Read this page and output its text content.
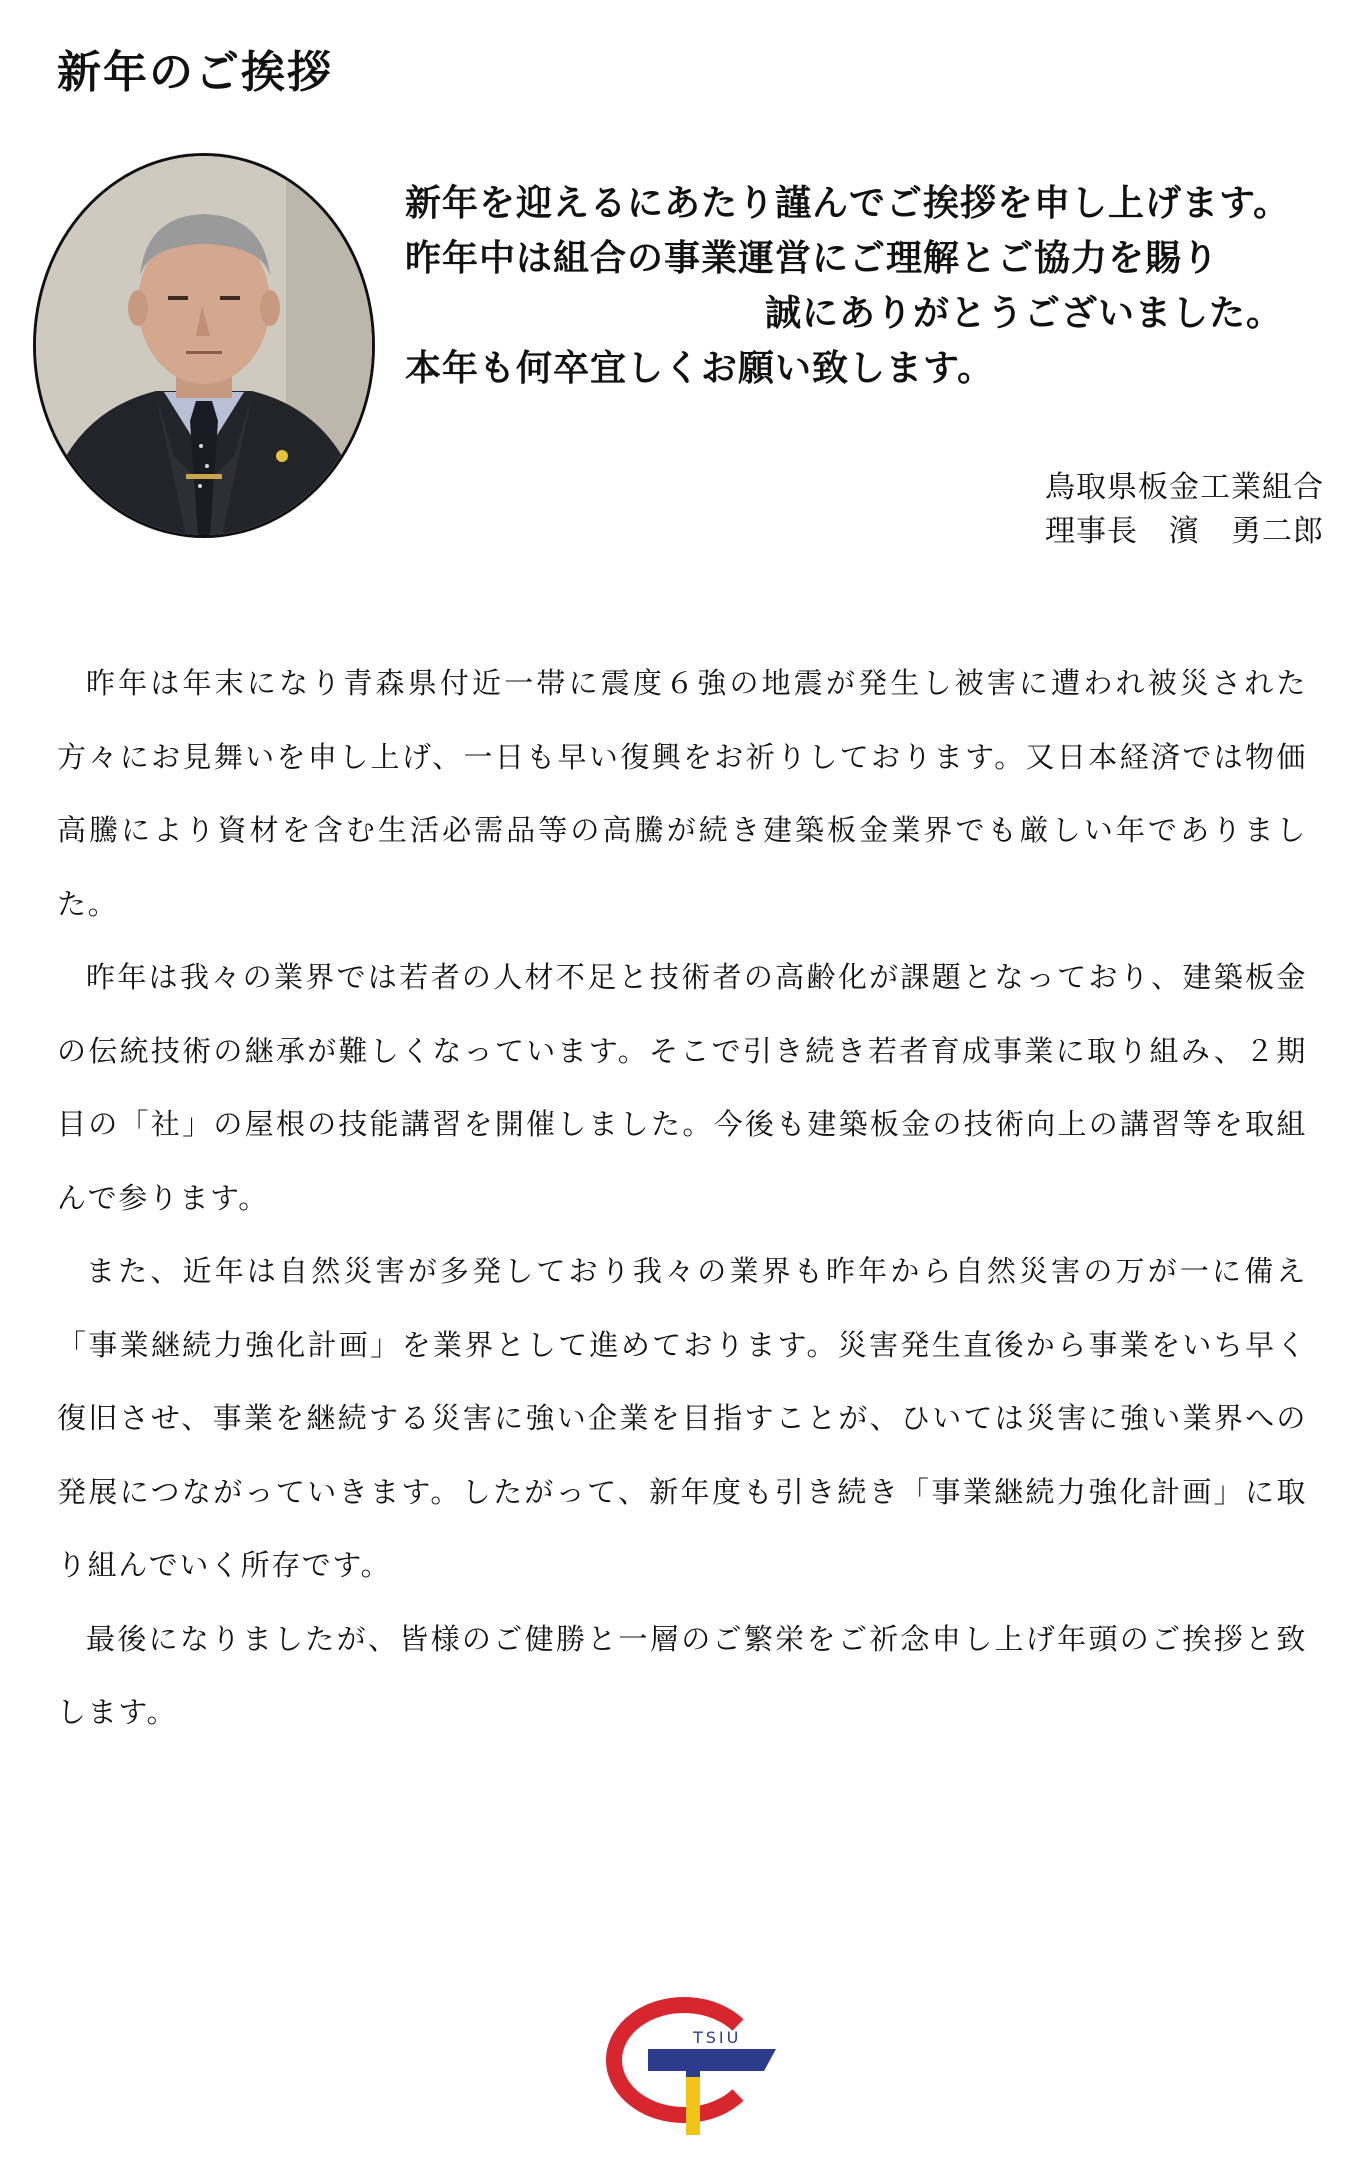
新年のご挨拶
新年を迎えるにあたり謹んでご挨拶を申し上げます。
昨年中は組合の事業運営にご理解とご協力を賜り
誠にありがとうございました。
本年も何卒宜しくお願い致します。
鳥取県板金工業組合
理事長　濱　勇二郎

昨年は年末になり青森県付近一帯に震度６強の地震が発生し被害に遭われ被災された方々にお見舞いを申し上げ、一日も早い復興をお祈りしております。又日本経済では物価高騰により資材を含む生活必需品等の高騰が続き建築板金業界でも厳しい年でありました。

昨年は我々の業界では若者の人材不足と技術者の高齢化が課題となっており、建築板金の伝統技術の継承が難しくなっています。そこで引き続き若者育成事業に取り組み、２期目の「社」の屋根の技能講習を開催しました。今後も建築板金の技術向上の講習等を取組んで参ります。

また、近年は自然災害が多発しており我々の業界も昨年から自然災害の万が一に備え「事業継続力強化計画」を業界として進めております。災害発生直後から事業をいち早く復旧させ、事業を継続する災害に強い企業を目指すことが、ひいては災害に強い業界への発展につながっていきます。したがって、新年度も引き続き「事業継続力強化計画」に取り組んでいく所存です。

最後になりましたが、皆様のご健勝と一層のご繁栄をご祈念申し上げ年頭のご挨拶と致します。

TSIU
